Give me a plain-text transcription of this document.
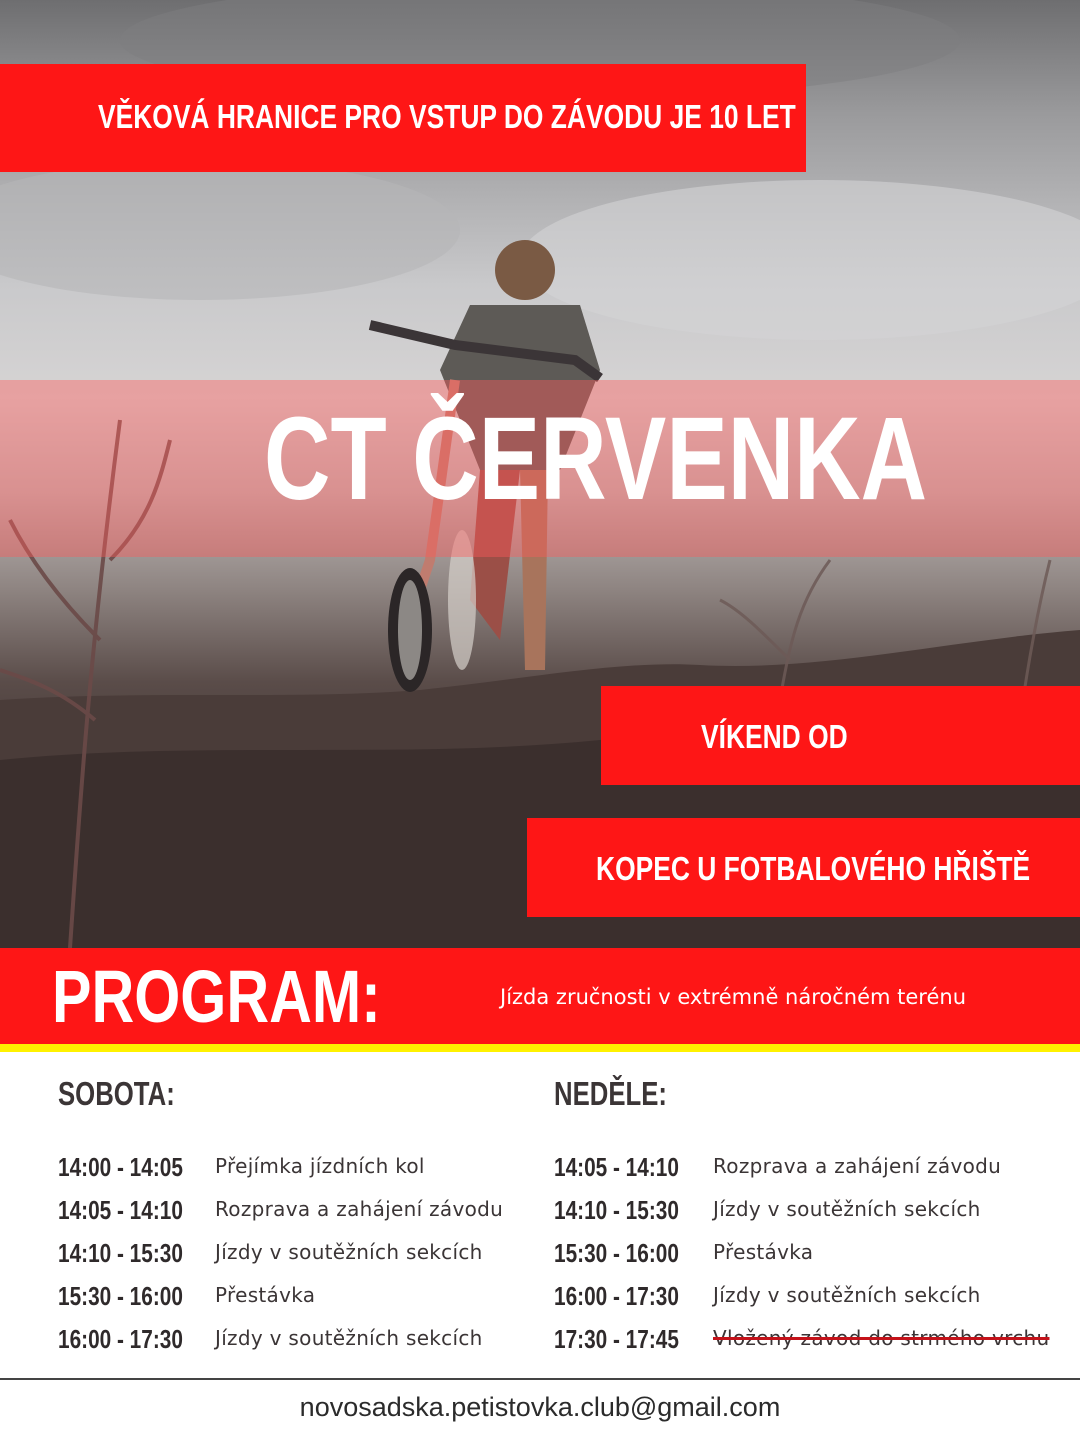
VĚKOVÁ HRANICE PRO VSTUP DO ZÁVODU JE 10 LET
CT ČERVENKA
VÍKEND OD
KOPEC U FOTBALOVÉHO HŘIŠTĚ
PROGRAM:	Jízda zručnosti v extrémně náročném terénu
SOBOTA:
14:00 - 14:05 Přejímka jízdních kol
14:05 - 14:10 Rozprava a zahájení závodu
14:10 - 15:30 Jízdy v soutěžních sekcích
15:30 - 16:00 Přestávka
16:00 - 17:30 Jízdy v soutěžních sekcích
NEDĚLE:
14:05 - 14:10 Rozprava a zahájení závodu
14:10 - 15:30 Jízdy v soutěžních sekcích
15:30 - 16:00 Přestávka
16:00 - 17:30 Jízdy v soutěžních sekcích
17:30 - 17:45 Vložený závod do strmého vrchu
novosadska.petistovka.club@gmail.com
